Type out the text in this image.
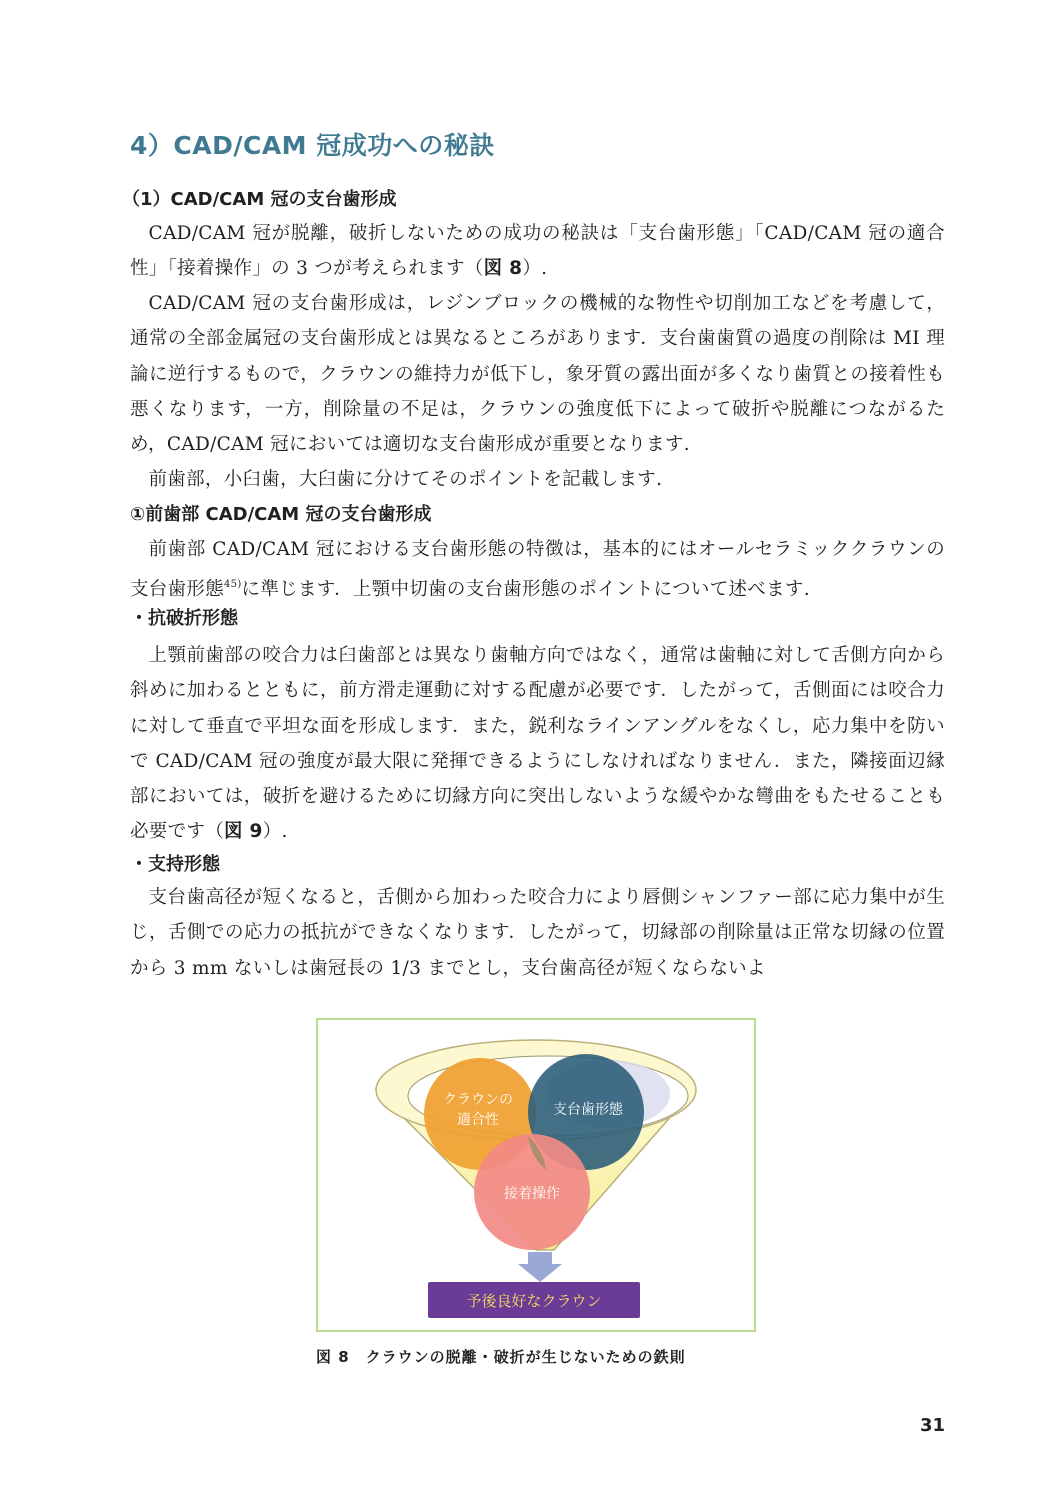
4）CAD/CAM 冠成功への秘訣
（1）CAD/CAM 冠の支台歯形成

CAD/CAM 冠が脱離，破折しないための成功の秘訣は「支台歯形態」「CAD/CAM 冠の適合性」「接着操作」の 3 つが考えられます（図 8）.

CAD/CAM 冠の支台歯形成は，レジンブロックの機械的な物性や切削加工などを考慮して，通常の全部金属冠の支台歯形成とは異なるところがあります．支台歯歯質の過度の削除は MI 理論に逆行するもので，クラウンの維持力が低下し，象牙質の露出面が多くなり歯質との接着性も悪くなります，一方，削除量の不足は，クラウンの強度低下によって破折や脱離につながるため，CAD/CAM 冠においては適切な支台歯形成が重要となります.

前歯部，小臼歯，大臼歯に分けてそのポイントを記載します.

①前歯部 CAD/CAM 冠の支台歯形成

前歯部 CAD/CAM 冠における支台歯形態の特徴は，基本的にはオールセラミッククラウンの支台歯形態$^{45)}$に準じます．上顎中切歯の支台歯形態のポイントについて述べます.

・抗破折形態

上顎前歯部の咬合力は臼歯部とは異なり歯軸方向ではなく，通常は歯軸に対して舌側方向から斜めに加わるとともに，前方滑走運動に対する配慮が必要です．したがって，舌側面には咬合力に対して垂直で平坦な面を形成します．また，鋭利なラインアングルをなくし，応力集中を防いで CAD/CAM 冠の強度が最大限に発揮できるようにしなければなりません．また，隣接面辺縁部においては，破折を避けるために切縁方向に突出しないような緩やかな彎曲をもたせることも必要です（図 9）.

・支持形態

支台歯高径が短くなると，舌側から加わった咬合力により唇側シャンファー部に応力集中が生じ，舌側での応力の抵抗ができなくなります．したがって，切縁部の削除量は正常な切縁の位置から 3 mm ないしは歯冠長の 1/3 までとし，支台歯高径が短くならないよ

クラウンの
適合性
支台歯形態
接着操作
予後良好なクラウン

図 8　クラウンの脱離・破折が生じないための鉄則

31
